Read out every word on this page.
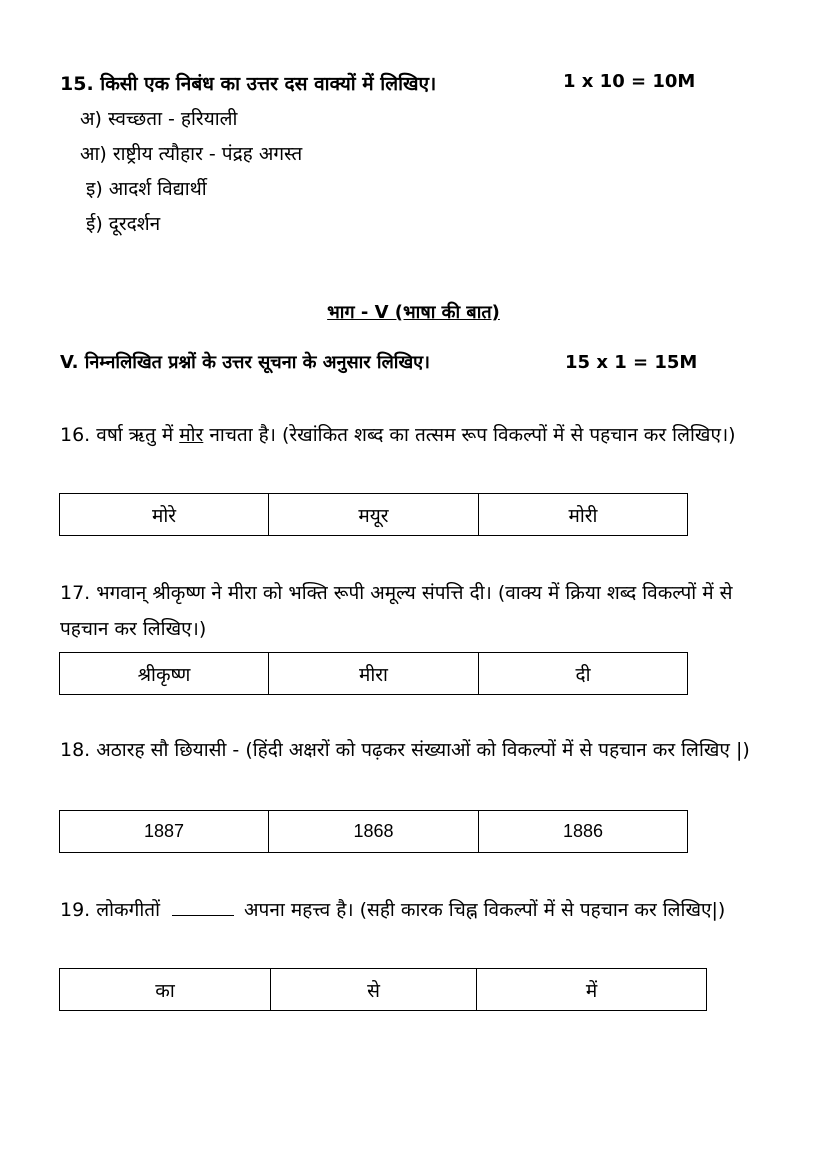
15. किसी एक निबंध का उत्तर दस वाक्यों में लिखिए।	1 x 10 = 10M
अ) स्वच्छता - हरियाली
आ) राष्ट्रीय त्यौहार - पंद्रह अगस्त
इ) आदर्श विद्यार्थी
ई) दूरदर्शन
भाग - V (भाषा की बात)
V. निम्नलिखित प्रश्नों के उत्तर सूचना के अनुसार लिखिए।	15 x 1 = 15M
16. वर्षा ऋतु में मोर नाचता है। (रेखांकित शब्द का तत्सम रूप विकल्पों में से पहचान कर लिखिए।)
मोरे	मयूर	मोरी
17. भगवान् श्रीकृष्ण ने मीरा को भक्ति रूपी अमूल्य संपत्ति दी। (वाक्य में क्रिया शब्द विकल्पों में से पहचान कर लिखिए।)
श्रीकृष्ण	मीरा	दी
18. अठारह सौ छियासी - (हिंदी अक्षरों को पढ़कर संख्याओं को विकल्पों में से पहचान कर लिखिए |)
1887	1868	1886
19. लोकगीतों	अपना महत्त्व है। (सही कारक चिह्न विकल्पों में से पहचान कर लिखिए|)
का	से	में
